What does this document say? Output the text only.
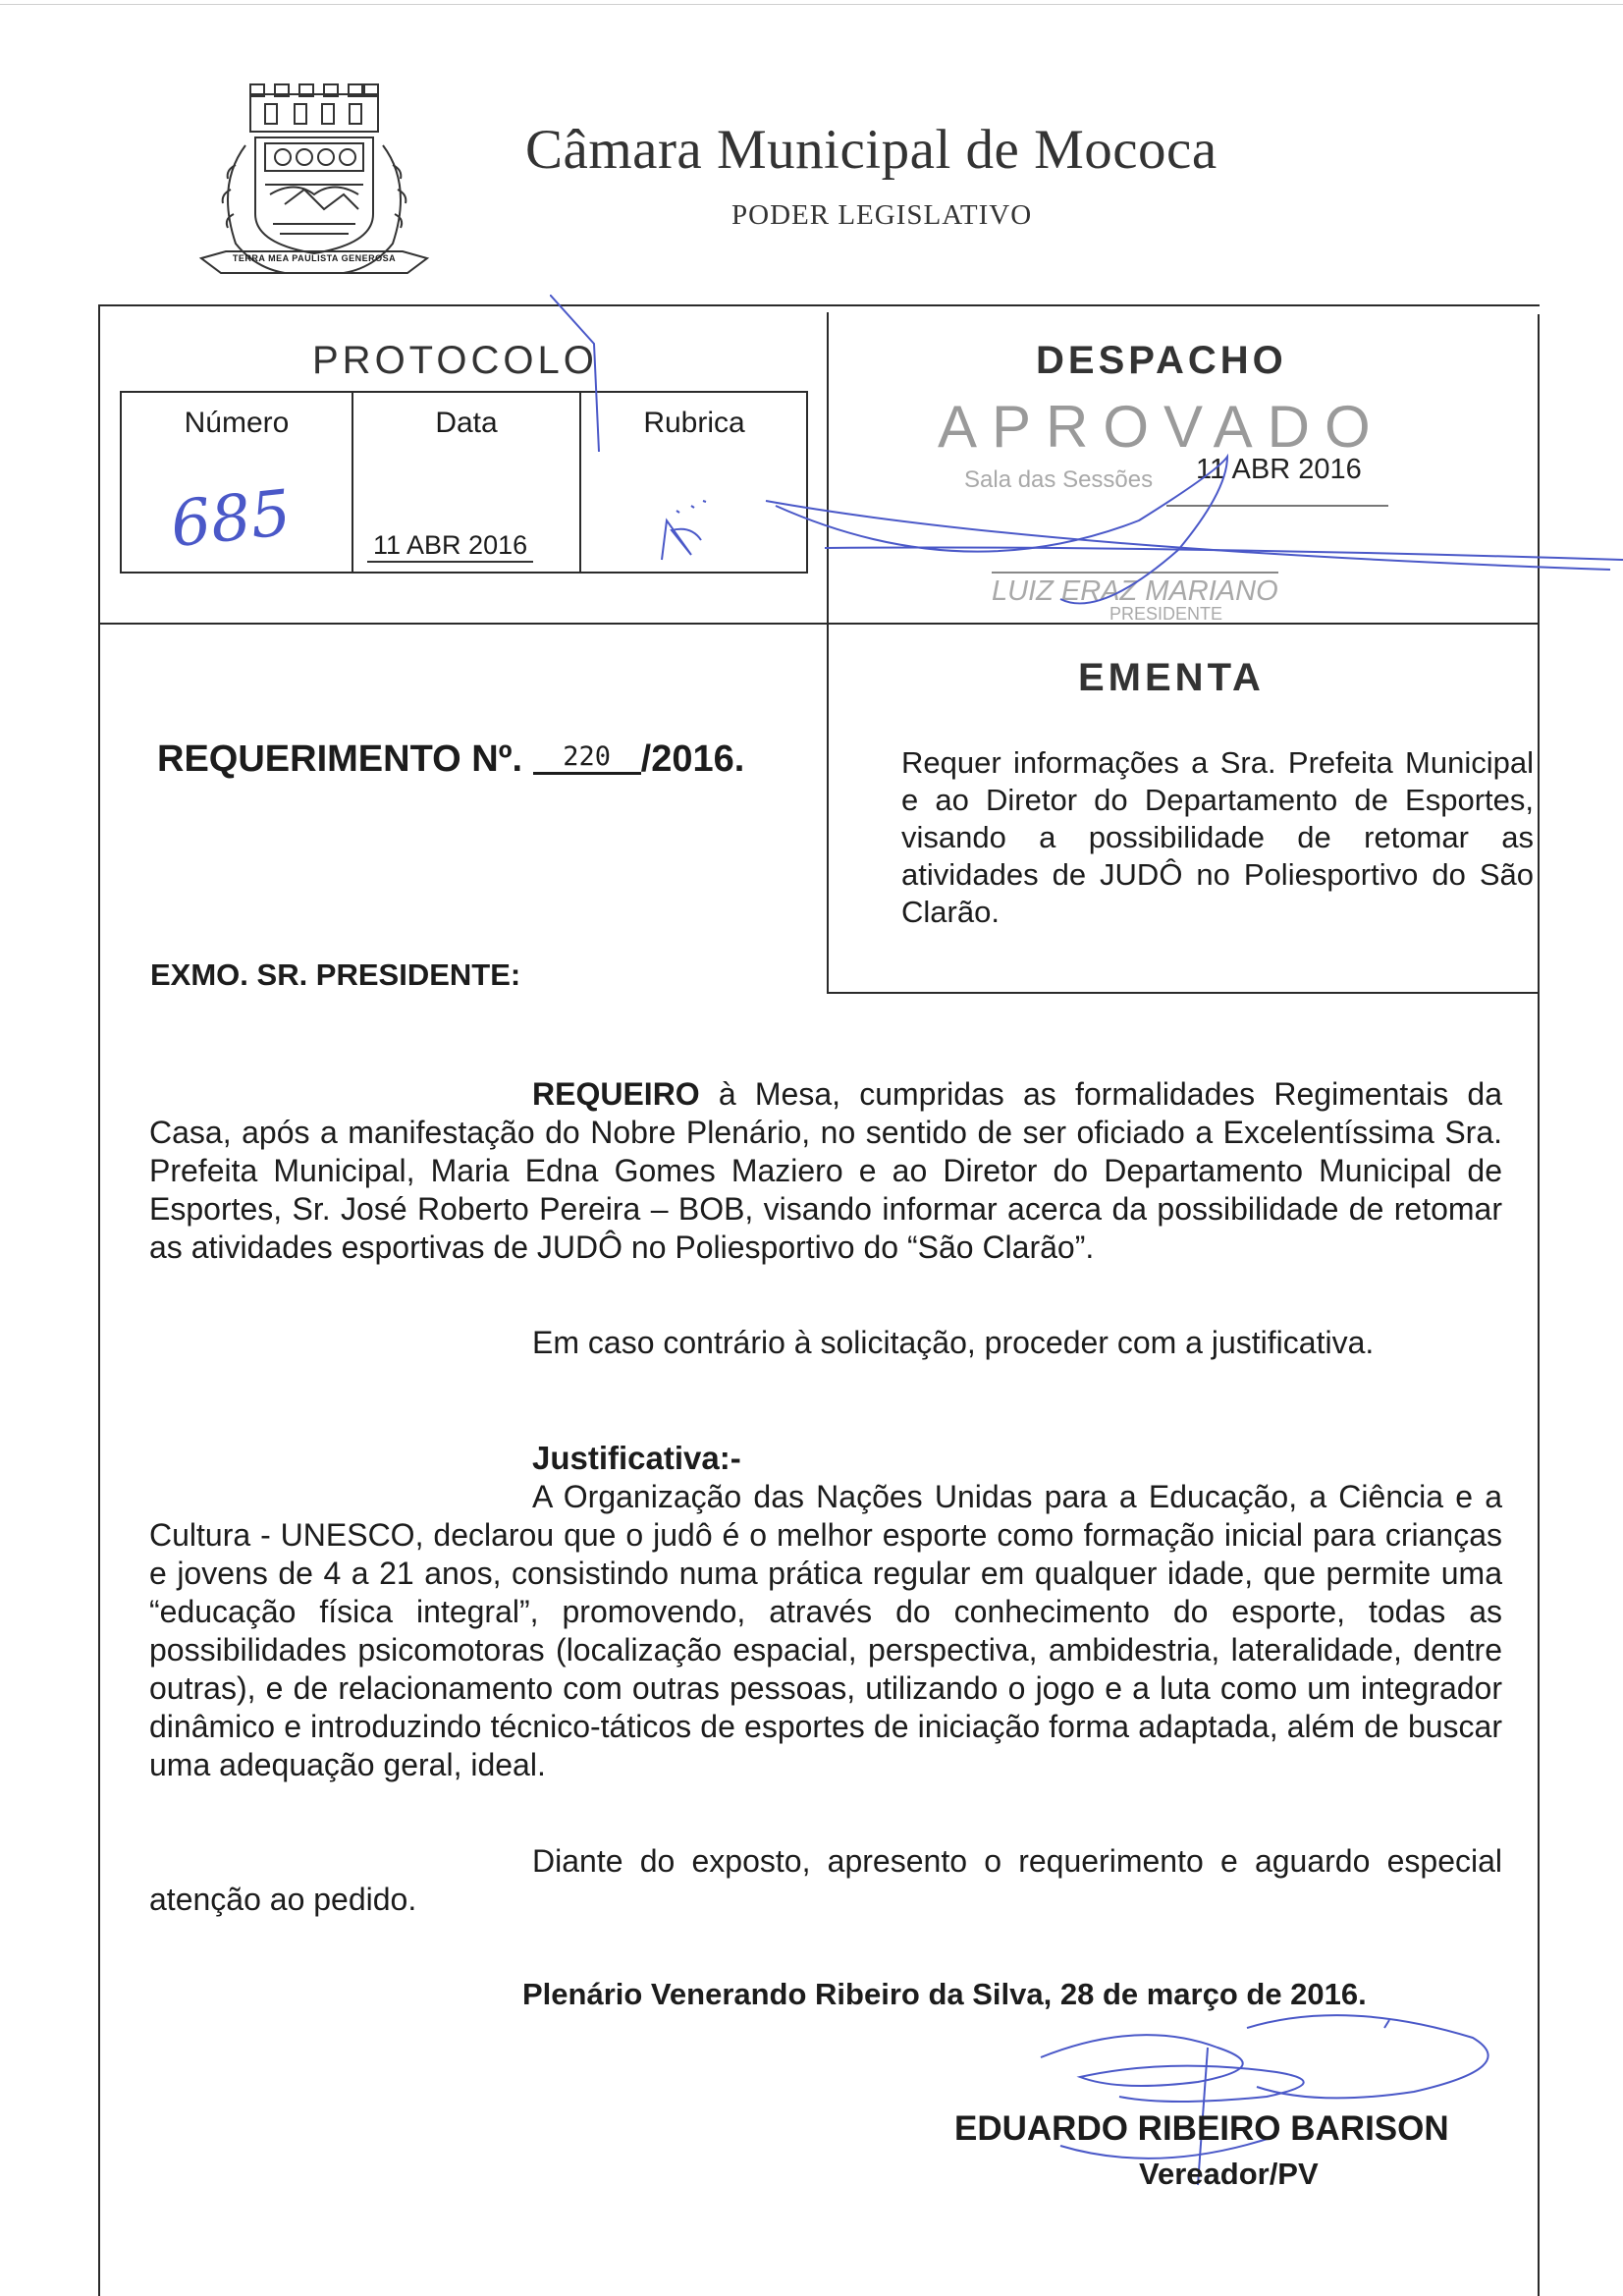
TERRA MEA PAULISTA GENEROSA
Câmara Municipal de Mococa
PODER LEGISLATIVO
PROTOCOLO
Número	Data	Rubrica
685	11 ABR 2016
DESPACHO
APROVADO
Sala das Sessões 11 ABR 2016
LUIZ ERAZ MARIANO
PRESIDENTE
REQUERIMENTO Nº. 220 /2016.
EMENTA
Requer informações a Sra. Prefeita Municipal e ao Diretor do Departamento de Esportes, visando a possibilidade de retomar as atividades de JUDÔ no Poliesportivo do São Clarão.
EXMO. SR. PRESIDENTE:
REQUEIRO à Mesa, cumpridas as formalidades Regimentais da Casa, após a manifestação do Nobre Plenário, no sentido de ser oficiado a Excelentíssima Sra. Prefeita Municipal, Maria Edna Gomes Maziero e ao Diretor do Departamento Municipal de Esportes, Sr. José Roberto Pereira – BOB, visando informar acerca da possibilidade de retomar as atividades esportivas de JUDÔ no Poliesportivo do “São Clarão”.
Em caso contrário à solicitação, proceder com a justificativa.
Justificativa:-
A Organização das Nações Unidas para a Educação, a Ciência e a Cultura - UNESCO, declarou que o judô é o melhor esporte como formação inicial para crianças e jovens de 4 a 21 anos, consistindo numa prática regular em qualquer idade, que permite uma “educação física integral”, promovendo, através do conhecimento do esporte, todas as possibilidades psicomotoras (localização espacial, perspectiva, ambidestria, lateralidade, dentre outras), e de relacionamento com outras pessoas, utilizando o jogo e a luta como um integrador dinâmico e introduzindo técnico-táticos de esportes de iniciação forma adaptada, além de buscar uma adequação geral, ideal.
Diante do exposto, apresento o requerimento e aguardo especial atenção ao pedido.
Plenário Venerando Ribeiro da Silva, 28 de março de 2016.
EDUARDO RIBEIRO BARISON
Vereador/PV
